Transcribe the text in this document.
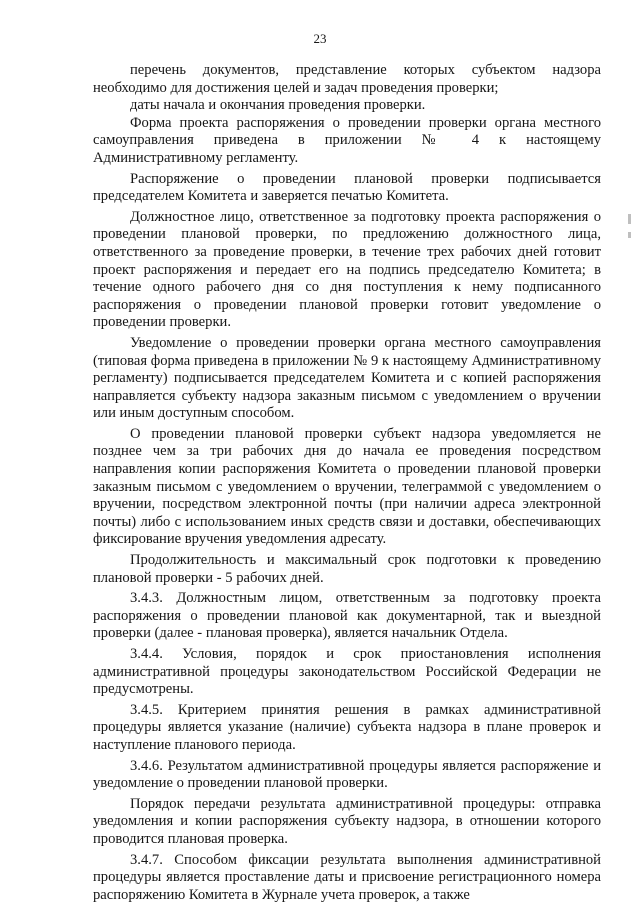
23

перечень документов, представление которых субъектом надзора необходимо для достижения целей и задач проведения проверки;

даты начала и окончания проведения проверки.

Форма проекта распоряжения о проведении проверки органа местного самоуправления приведена в приложении № 4 к настоящему Административному регламенту.

Распоряжение о проведении плановой проверки подписывается председателем Комитета и заверяется печатью Комитета.

Должностное лицо, ответственное за подготовку проекта распоряжения о проведении плановой проверки, по предложению должностного лица, ответственного за проведение проверки, в течение трех рабочих дней готовит проект распоряжения и передает его на подпись председателю Комитета; в течение одного рабочего дня со дня поступления к нему подписанного распоряжения о проведении плановой проверки готовит уведомление о проведении проверки.

Уведомление о проведении проверки органа местного самоуправления (типовая форма приведена в приложении № 9 к настоящему Административному регламенту) подписывается председателем Комитета и с копией распоряжения направляется субъекту надзора заказным письмом с уведомлением о вручении или иным доступным способом.

О проведении плановой проверки субъект надзора уведомляется не позднее чем за три рабочих дня до начала ее проведения посредством направления копии распоряжения Комитета о проведении плановой проверки заказным письмом с уведомлением о вручении, телеграммой с уведомлением о вручении, посредством электронной почты (при наличии адреса электронной почты) либо с использованием иных средств связи и доставки, обеспечивающих фиксирование вручения уведомления адресату.

Продолжительность и максимальный срок подготовки к проведению плановой проверки - 5 рабочих дней.

3.4.3. Должностным лицом, ответственным за подготовку проекта распоряжения о проведении плановой как документарной, так и выездной проверки (далее - плановая проверка), является начальник Отдела.

3.4.4. Условия, порядок и срок приостановления исполнения административной процедуры законодательством Российской Федерации не предусмотрены.

3.4.5. Критерием принятия решения в рамках административной процедуры является указание (наличие) субъекта надзора в плане проверок и наступление планового периода.

3.4.6. Результатом административной процедуры является распоряжение и уведомление о проведении плановой проверки.

Порядок передачи результата административной процедуры: отправка уведомления и копии распоряжения субъекту надзора, в отношении которого проводится плановая проверка.

3.4.7. Способом фиксации результата выполнения административной процедуры является проставление даты и присвоение регистрационного номера распоряжению Комитета в Журнале учета проверок, а также
